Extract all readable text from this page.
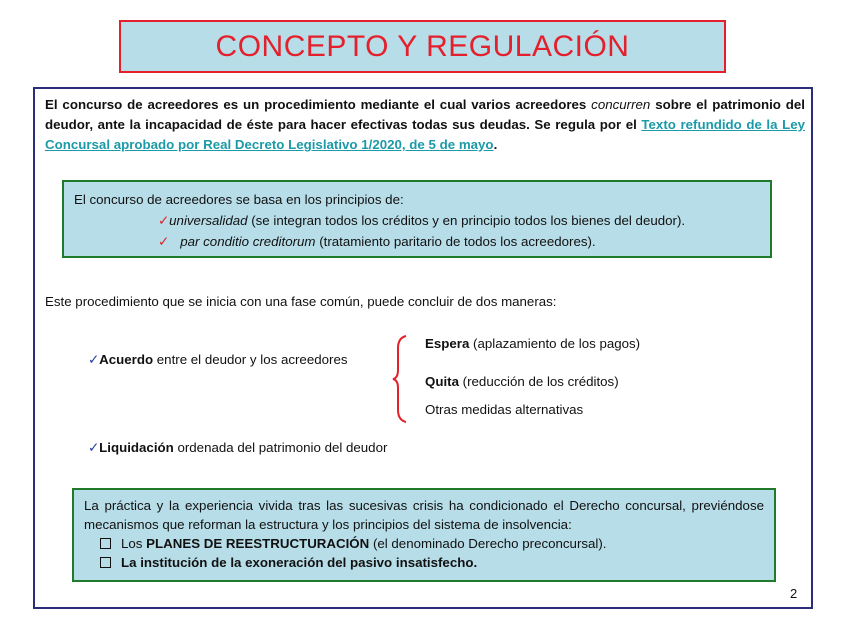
CONCEPTO Y REGULACIÓN
El concurso de acreedores es un procedimiento mediante el cual varios acreedores concurren sobre el patrimonio del deudor, ante la incapacidad de éste para hacer efectivas todas sus deudas. Se regula por el Texto refundido de la Ley Concursal aprobado por Real Decreto Legislativo 1/2020, de 5 de mayo.
El concurso de acreedores se basa en los principios de:
✓universalidad (se integran todos los créditos y en principio todos los bienes del deudor).
✓ par conditio creditorum (tratamiento paritario de todos los acreedores).
Este procedimiento que se inicia con una fase común, puede concluir de dos maneras:
✓Acuerdo entre el deudor y los acreedores
Espera (aplazamiento de los pagos)
Quita (reducción de los créditos)
Otras medidas alternativas
✓Liquidación ordenada del patrimonio del deudor
La práctica y la experiencia vivida tras las sucesivas crisis ha condicionado el Derecho concursal, previéndose mecanismos que reforman la estructura y los principios del sistema de insolvencia:
Los PLANES DE REESTRUCTURACIÓN (el denominado Derecho preconcursal).
La institución de la exoneración del pasivo insatisfecho.
2
